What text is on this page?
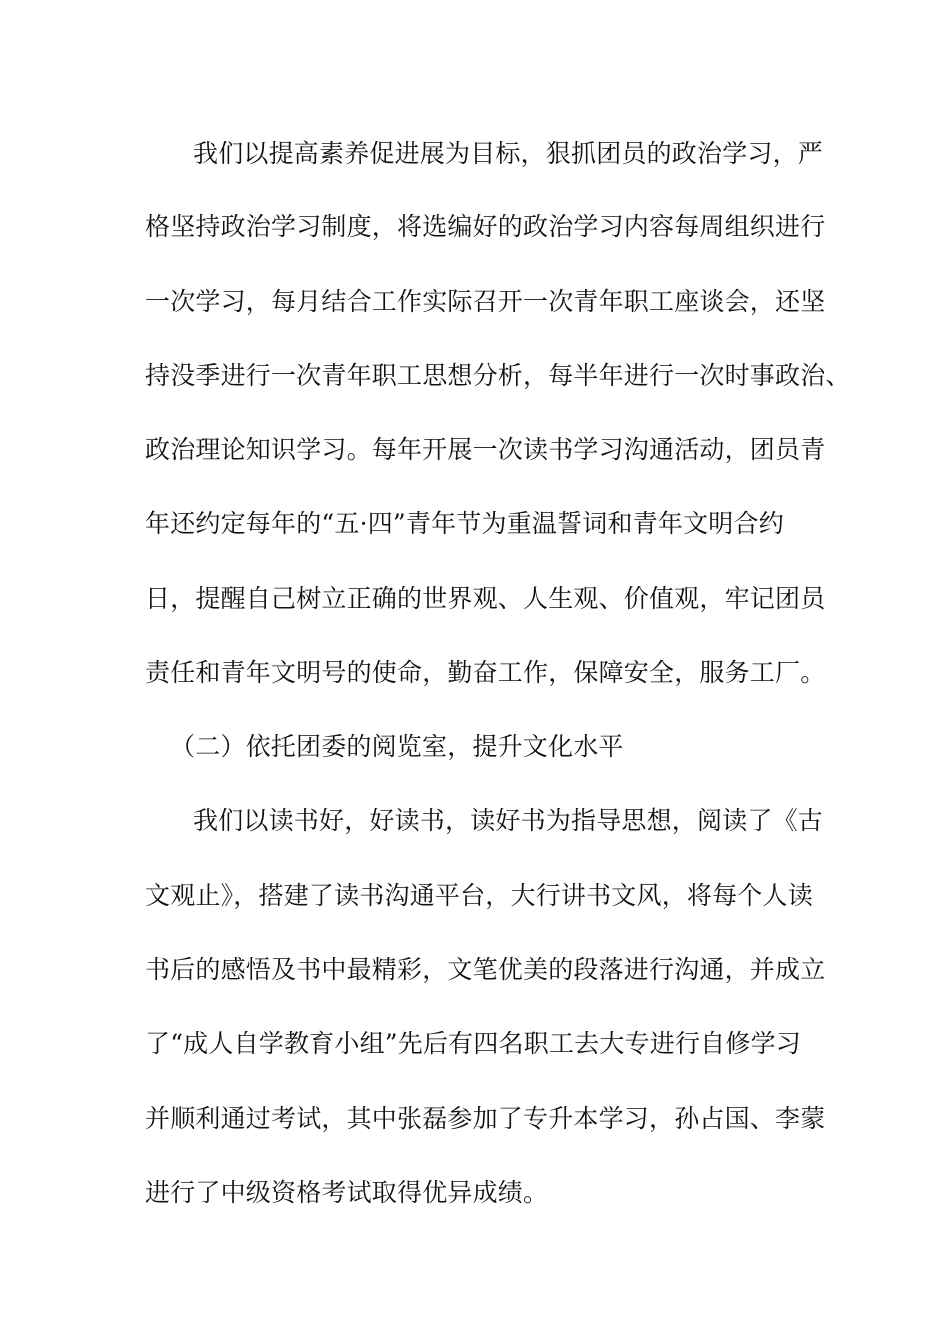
我们以提高素养促进展为目标，狠抓团员的政治学习，严
格坚持政治学习制度，将选编好的政治学习内容每周组织进行
一次学习，每月结合工作实际召开一次青年职工座谈会，还坚
持没季进行一次青年职工思想分析，每半年进行一次时事政治、
政治理论知识学习。每年开展一次读书学习沟通活动，团员青
年还约定每年的“五·四”青年节为重温誓词和青年文明合约
日，提醒自己树立正确的世界观、人生观、价值观，牢记团员
责任和青年文明号的使命，勤奋工作，保障安全，服务工厂。
（二）依托团委的阅览室，提升文化水平
我们以读书好，好读书，读好书为指导思想，阅读了《古
文观止》，搭建了读书沟通平台，大行讲书文风，将每个人读
书后的感悟及书中最精彩，文笔优美的段落进行沟通，并成立
了“成人自学教育小组”先后有四名职工去大专进行自修学习
并顺利通过考试，其中张磊参加了专升本学习，孙占国、李蒙
进行了中级资格考试取得优异成绩。
